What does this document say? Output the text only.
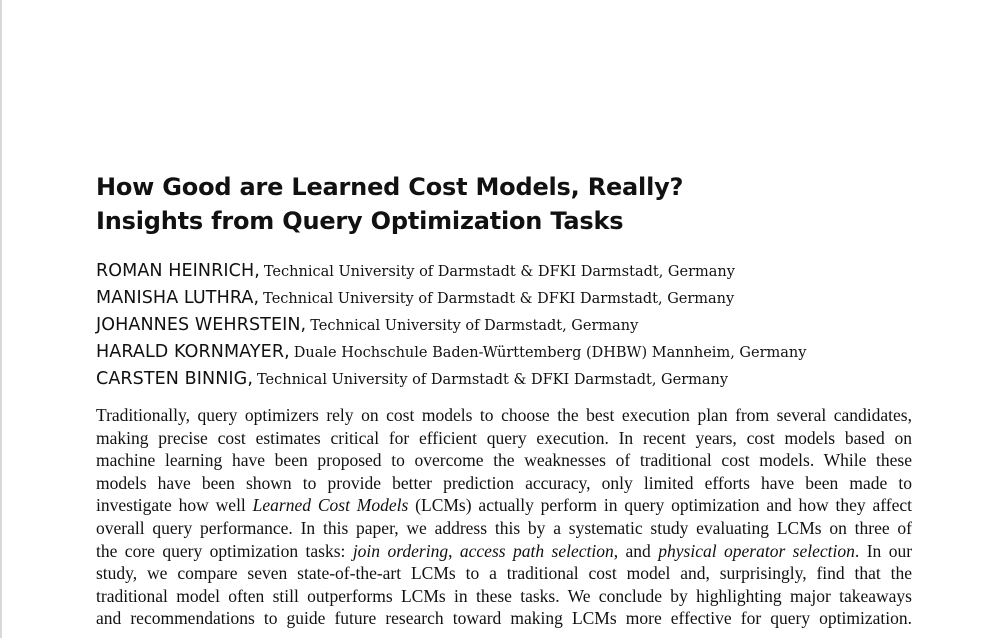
How Good are Learned Cost Models, Really?
Insights from Query Optimization Tasks
ROMAN HEINRICH, Technical University of Darmstadt & DFKI Darmstadt, Germany
MANISHA LUTHRA, Technical University of Darmstadt & DFKI Darmstadt, Germany
JOHANNES WEHRSTEIN, Technical University of Darmstadt, Germany
HARALD KORNMAYER, Duale Hochschule Baden-Württemberg (DHBW) Mannheim, Germany
CARSTEN BINNIG, Technical University of Darmstadt & DFKI Darmstadt, Germany

Traditionally, query optimizers rely on cost models to choose the best execution plan from several candidates,
making precise cost estimates critical for efficient query execution. In recent years, cost models based on
machine learning have been proposed to overcome the weaknesses of traditional cost models. While these
models have been shown to provide better prediction accuracy, only limited efforts have been made to
investigate how well Learned Cost Models (LCMs) actually perform in query optimization and how they affect
overall query performance. In this paper, we address this by a systematic study evaluating LCMs on three of
the core query optimization tasks: join ordering, access path selection, and physical operator selection. In our
study, we compare seven state-of-the-art LCMs to a traditional cost model and, surprisingly, find that the
traditional model often still outperforms LCMs in these tasks. We conclude by highlighting major takeaways
and recommendations to guide future research toward making LCMs more effective for query optimization.
